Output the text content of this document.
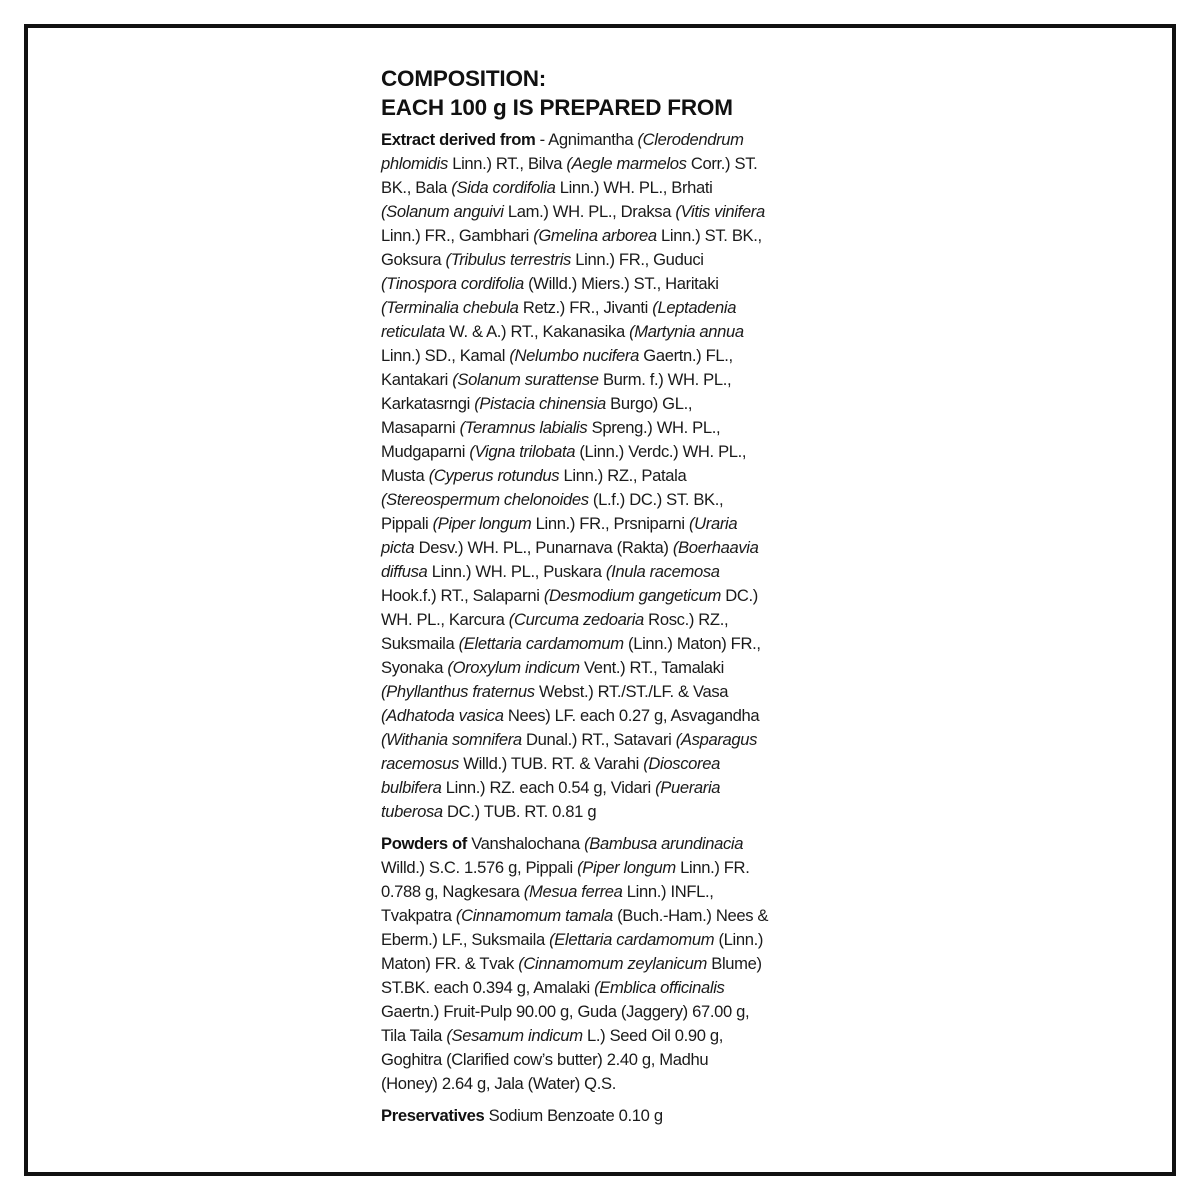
COMPOSITION:
EACH 100 g IS PREPARED FROM
Extract derived from - Agnimantha (Clerodendrum
phlomidis Linn.) RT., Bilva (Aegle marmelos Corr.) ST.
BK., Bala (Sida cordifolia Linn.) WH. PL., Brhati
(Solanum anguivi Lam.) WH. PL., Draksa (Vitis vinifera
Linn.) FR., Gambhari (Gmelina arborea Linn.) ST. BK.,
Goksura (Tribulus terrestris Linn.) FR., Guduci
(Tinospora cordifolia (Willd.) Miers.) ST., Haritaki
(Terminalia chebula Retz.) FR., Jivanti (Leptadenia
reticulata W. & A.) RT., Kakanasika (Martynia annua
Linn.) SD., Kamal (Nelumbo nucifera Gaertn.) FL.,
Kantakari (Solanum surattense Burm. f.) WH. PL.,
Karkatasrngi (Pistacia chinensia Burgo) GL.,
Masaparni (Teramnus labialis Spreng.) WH. PL.,
Mudgaparni (Vigna trilobata (Linn.) Verdc.) WH. PL.,
Musta (Cyperus rotundus Linn.) RZ., Patala
(Stereospermum chelonoides (L.f.) DC.) ST. BK.,
Pippali (Piper longum Linn.) FR., Prsniparni (Uraria
picta Desv.) WH. PL., Punarnava (Rakta) (Boerhaavia
diffusa Linn.) WH. PL., Puskara (Inula racemosa
Hook.f.) RT., Salaparni (Desmodium gangeticum DC.)
WH. PL., Karcura (Curcuma zedoaria Rosc.) RZ.,
Suksmaila (Elettaria cardamomum (Linn.) Maton) FR.,
Syonaka (Oroxylum indicum Vent.) RT., Tamalaki
(Phyllanthus fraternus Webst.) RT./ST./LF. & Vasa
(Adhatoda vasica Nees) LF. each 0.27 g, Asvagandha
(Withania somnifera Dunal.) RT., Satavari (Asparagus
racemosus Willd.) TUB. RT. & Varahi (Dioscorea
bulbifera Linn.) RZ. each 0.54 g, Vidari (Pueraria
tuberosa DC.) TUB. RT. 0.81 g
Powders of Vanshalochana (Bambusa arundinacia
Willd.) S.C. 1.576 g, Pippali (Piper longum Linn.) FR.
0.788 g, Nagkesara (Mesua ferrea Linn.) INFL.,
Tvakpatra (Cinnamomum tamala (Buch.-Ham.) Nees &
Eberm.) LF., Suksmaila (Elettaria cardamomum (Linn.)
Maton) FR. & Tvak (Cinnamomum zeylanicum Blume)
ST.BK. each 0.394 g, Amalaki (Emblica officinalis
Gaertn.) Fruit-Pulp 90.00 g, Guda (Jaggery) 67.00 g,
Tila Taila (Sesamum indicum L.) Seed Oil 0.90 g,
Goghitra (Clarified cow’s butter) 2.40 g, Madhu
(Honey) 2.64 g, Jala (Water) Q.S.
Preservatives Sodium Benzoate 0.10 g
